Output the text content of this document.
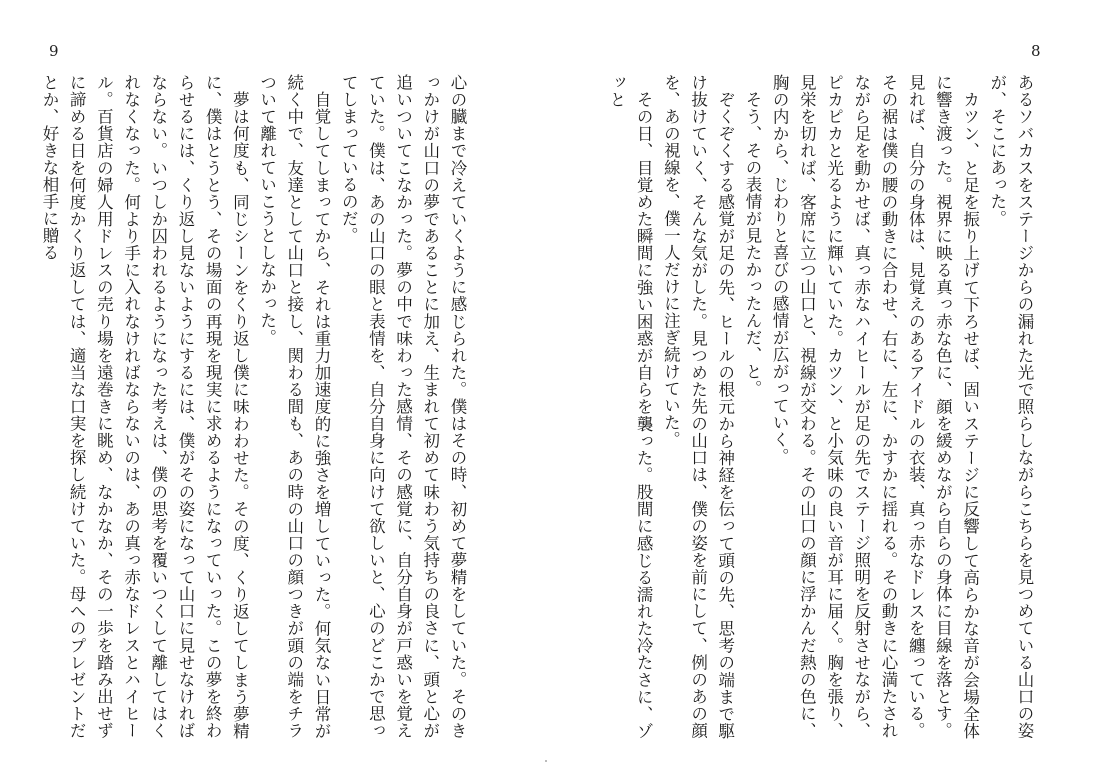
9

心の臓まで冷えていくように感じられた。僕はその時、初めて夢精をしていた。そのきっかけが山口の夢であることに加え、生まれて初めて味わう気持ちの良さに、頭と心が追いついてこなかった。夢の中で味わった感情、その感覚に、自分自身が戸惑いを覚えていた。僕は、あの山口の眼と表情を、自分自身に向けて欲しいと、心のどこかで思ってしまっているのだ。

自覚してしまってから、それは重力加速度的に強さを増していった。何気ない日常が続く中で、友達として山口と接し、関わる間も、あの時の山口の顔つきが頭の端をチラついて離れていこうとしなかった。

夢は何度も、同じシーンをくり返し僕に味わわせた。その度、くり返してしまう夢精に、僕はとうとう、その場面の再現を現実に求めるようになっていった。この夢を終わらせるには、くり返し見ないようにするには、僕がその姿になって山口に見せなければならない。いつしか囚われるようになった考えは、僕の思考を覆いつくして離してはくれなくなった。何より手に入れなければならないのは、あの真っ赤なドレスとハイヒール。百貨店の婦人用ドレスの売り場を遠巻きに眺め、なかなか、その一歩を踏み出せずに諦める日を何度かくり返しては、適当な口実を探し続けていた。母へのプレゼントだとか、好きな相手に贈る

8

あるソバカスをステージからの漏れた光で照らしながらこちらを見つめている山口の姿が、そこにあった。

カツン、と足を振り上げて下ろせば、固いステージに反響して高らかな音が会場全体に響き渡った。視界に映る真っ赤な色に、顔を緩めながら自らの身体に目線を落とす。見れば、自分の身体は、見覚えのあるアイドルの衣装、真っ赤なドレスを纏っている。その裾は僕の腰の動きに合わせ、右に、左に、かすかに揺れる。その動きに心満たされながら足を動かせば、真っ赤なハイヒールが足の先でステージ照明を反射させながら、ピカピカと光るように輝いていた。カツン、と小気味の良い音が耳に届く。胸を張り、見栄を切れば、客席に立つ山口と、視線が交わる。その山口の顔に浮かんだ熱の色に、胸の内から、じわりと喜びの感情が広がっていく。

そう、その表情が見たかったんだ、と。

ぞくぞくする感覚が足の先、ヒールの根元から神経を伝って頭の先、思考の端まで駆け抜けていく、そんな気がした。見つめた先の山口は、僕の姿を前にして、例のあの顔を、あの視線を、僕一人だけに注ぎ続けていた。

その日、目覚めた瞬間に強い困惑が自らを襲った。股間に感じる濡れた冷たさに、ゾッと
